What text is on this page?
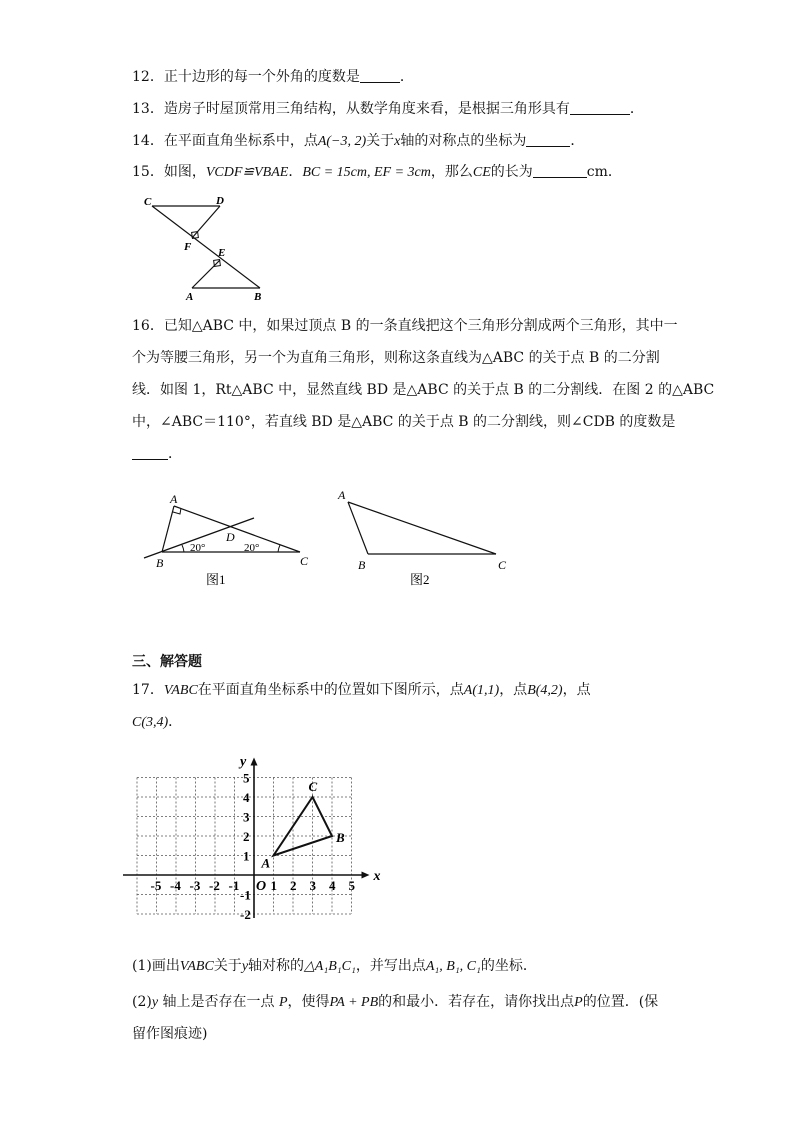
12．正十边形的每一个外角的度数是	．
13．造房子时屋顶常用三角结构，从数学角度来看，是根据三角形具有	．
14．在平面直角坐标系中，点A(−3, 2)关于x轴的对称点的坐标为	．
15．如图，VCDF≌VBAE．BC = 15cm, EF = 3cm，那么CE的长为	cm．
C	D
F E
A	B
16．已知△ABC 中，如果过顶点 B 的一条直线把这个三角形分割成两个三角形，其中一
个为等腰三角形，另一个为直角三角形，则称这条直线为△ABC 的关于点 B 的二分割
线．如图 1，Rt△ABC 中，显然直线 BD 是△ABC 的关于点 B 的二分割线．在图 2 的△ABC
中，∠ABC＝110°，若直线 BD 是△ABC 的关于点 B 的二分割线，则∠CDB 的度数是
．
A
D
B	C
20°	20°
图1
A
B	C
图2
三、解答题
17．VABC在平面直角坐标系中的位置如下图所示，点A(1,1)，点B(4,2)，点
C(3,4)．
x
y
O
-5 -4 -3 -2 -1 1 2 3 4 5
5
4
3
2
1
-1
-2
A
B
C
(1)画出VABC关于y轴对称的△A₁B₁C₁，并写出点A₁, B₁, C₁的坐标．
(2)y 轴上是否存在一点 P，使得PA + PB的和最小．若存在，请你找出点P的位置．(保
留作图痕迹)
